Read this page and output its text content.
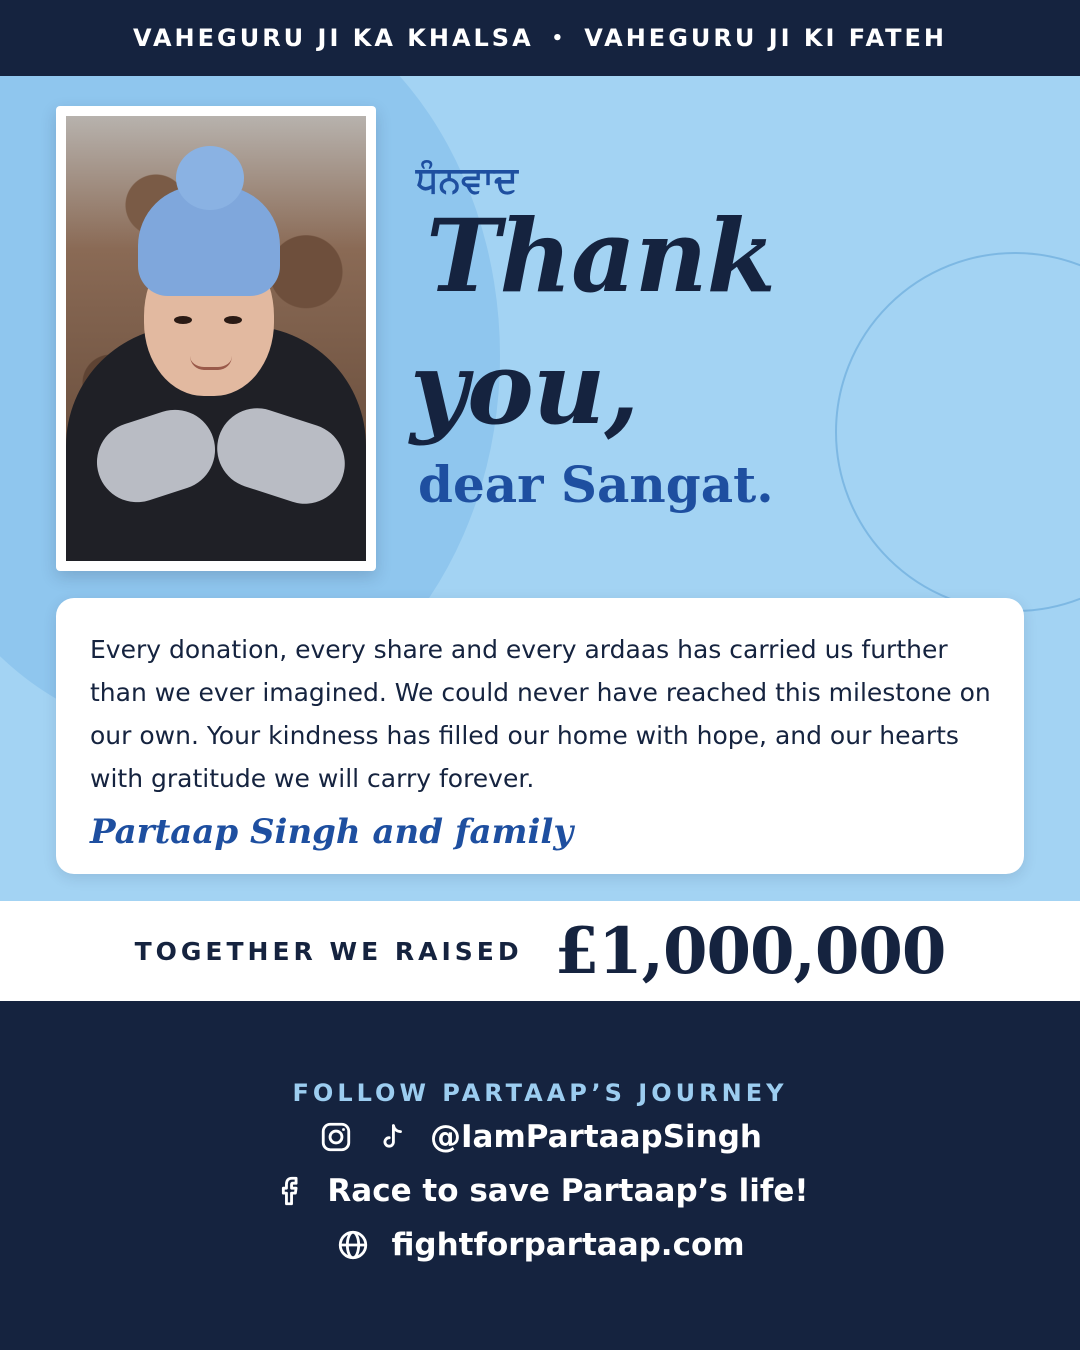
VAHEGURU JI KA KHALSA • VAHEGURU JI KI FATEH
ਧੰਨਵਾਦ
Thank
you,
dear Sangat.

Every donation, every share and every ardaas has carried us further than we ever imagined. We could never have reached this milestone on our own. Your kindness has filled our home with hope, and our hearts with gratitude we will carry forever.

Partaap Singh and family

TOGETHER WE RAISED £1,000,000
FOLLOW PARTAAP’S JOURNEY
@IamPartaapSingh
Race to save Partaap’s life!
fightforpartaap.com
